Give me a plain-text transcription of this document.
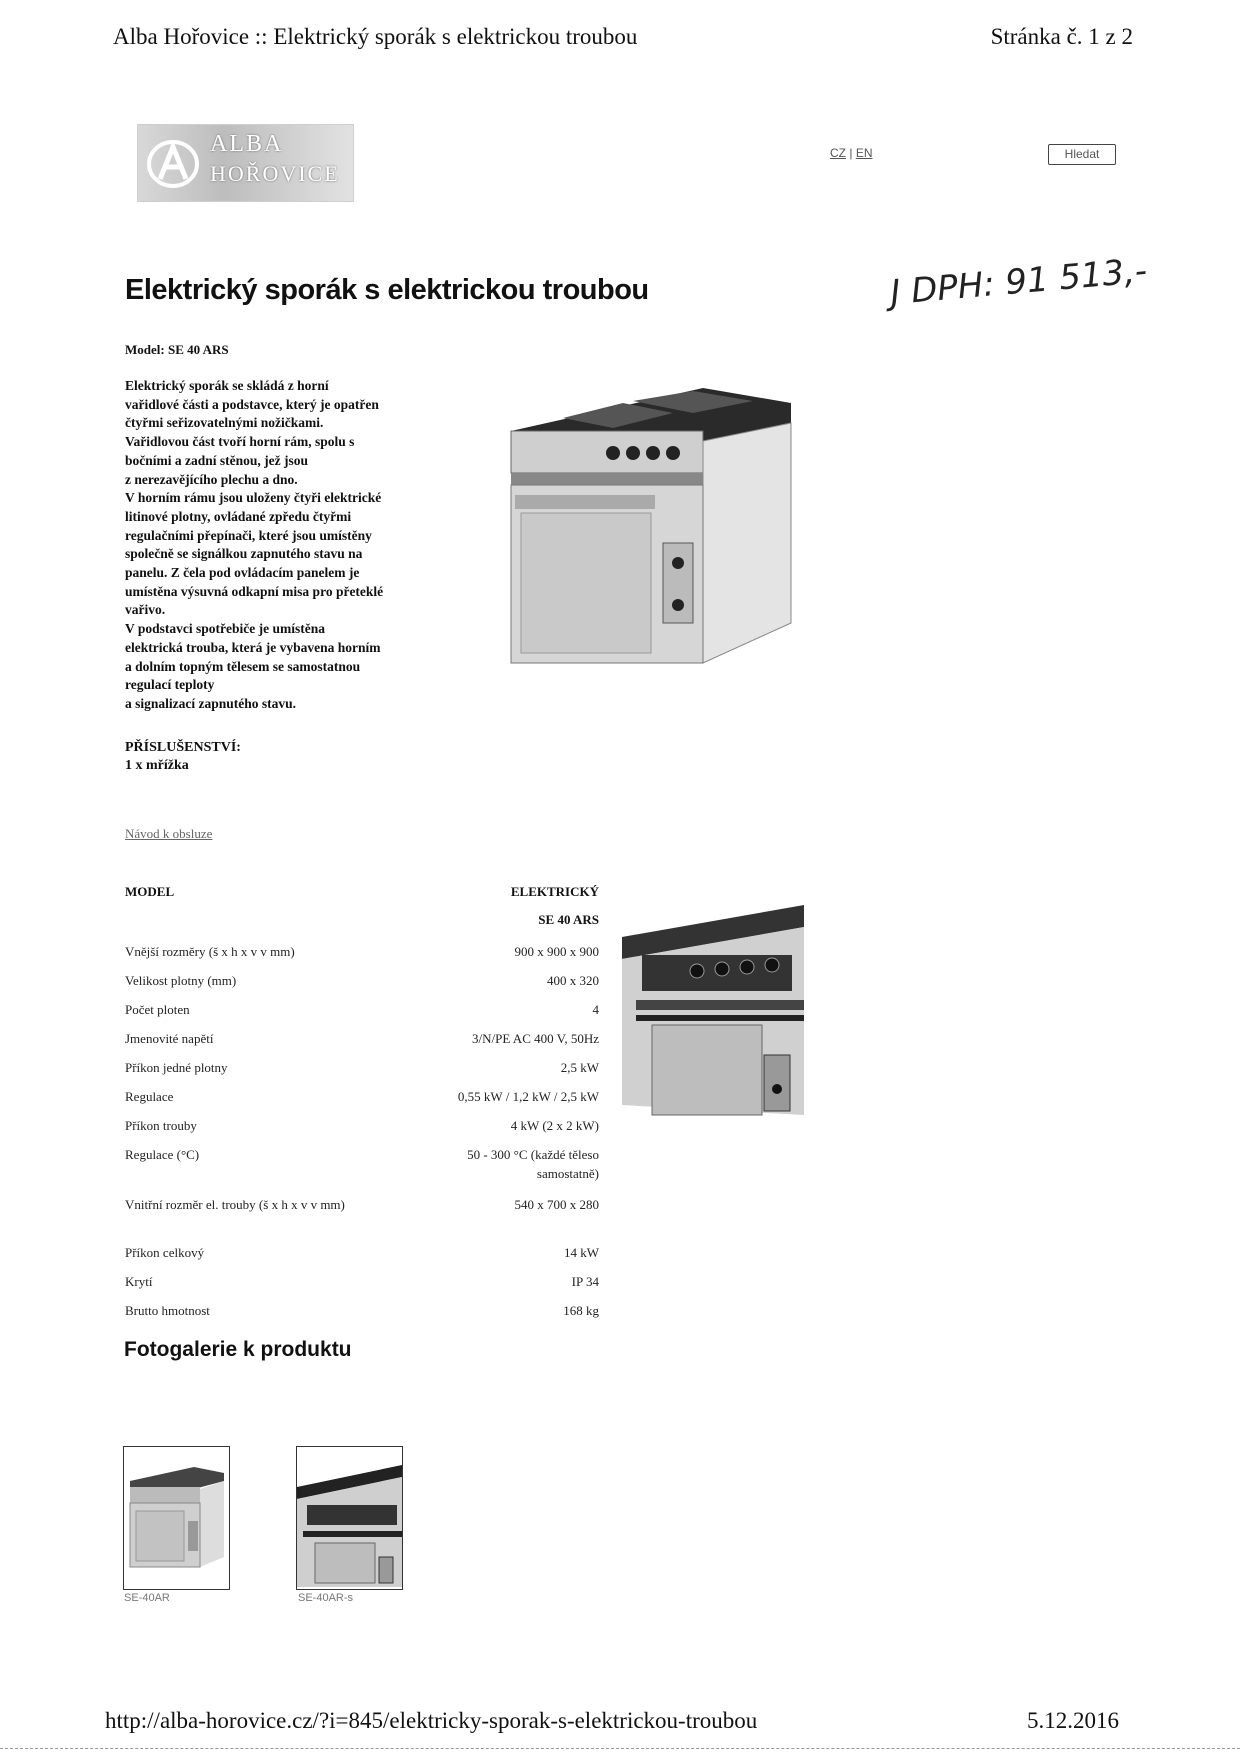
Alba Hořovice :: Elektrický sporák s elektrickou troubou	Stránka č. 1 z 2
ALBA
HOŘOVICE
CZ | EN	Hledat
Elektrický sporák s elektrickou troubou	J DPH: 91 513,-
Model: SE 40 ARS
Elektrický sporák se skládá z horní
vařidlové části a podstavce, který je opatřen
čtyřmi seřizovatelnými nožičkami.
Vařidlovou část tvoří horní rám, spolu s
bočními a zadní stěnou, jež jsou
z nerezavějícího plechu a dno.
V horním rámu jsou uloženy čtyři elektrické
litinové plotny, ovládané zpředu čtyřmi
regulačními přepínači, které jsou umístěny
společně se signálkou zapnutého stavu na
panelu. Z čela pod ovládacím panelem je
umístěna výsuvná odkapní misa pro přeteklé
vařivo.
V podstavci spotřebiče je umístěna
elektrická trouba, která je vybavena horním
a dolním topným tělesem se samostatnou
regulací teploty
a signalizací zapnutého stavu.
PŘÍSLUŠENSTVÍ:
1 x mřížka
Návod k obsluze
MODEL	ELEKTRICKÝ
SE 40 ARS
Vnější rozměry (š x h x v v mm)	900 x 900 x 900
Velikost plotny (mm)	400 x 320
Počet ploten	4
Jmenovité napětí	3/N/PE AC 400 V, 50Hz
Příkon jedné plotny	2,5 kW
Regulace	0,55 kW / 1,2 kW / 2,5 kW
Příkon trouby	4 kW (2 x 2 kW)
Regulace (°C)	50 - 300 °C (každé těleso samostatně)
Vnitřní rozměr el. trouby (š x h x v v mm)	540 x 700 x 280
Příkon celkový	14 kW
Krytí	IP 34
Brutto hmotnost	168 kg
Fotogalerie k produktu
SE-40AR	SE-40AR-s
http://alba-horovice.cz/?i=845/elektricky-sporak-s-elektrickou-troubou	5.12.2016
